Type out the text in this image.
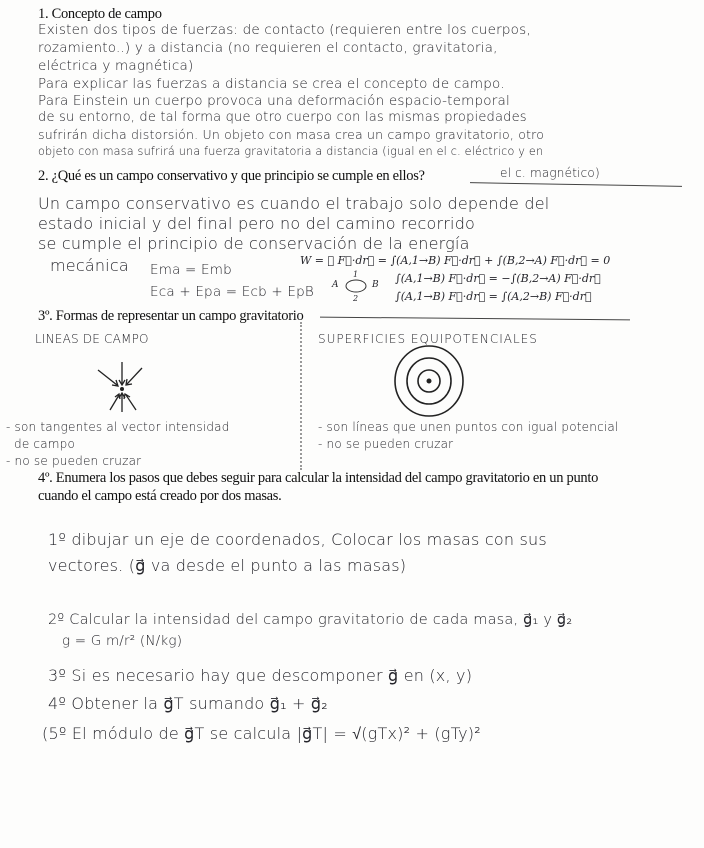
1. Concepto de campo
Existen dos tipos de fuerzas: de contacto (requieren entre los cuerpos,
rozamiento..) y a distancia (no requieren el contacto, gravitatoria,
eléctrica y magnética)
Para explicar las fuerzas a distancia se crea el concepto de campo.
Para Einstein un cuerpo provoca una deformación espacio-temporal
de su entorno, de tal forma que otro cuerpo con las mismas propiedades
sufrirán dicha distorsión. Un objeto con masa crea un campo gravitatorio, otro
objeto con masa sufrirá una fuerza gravitatoria a distancia (igual en el c. eléctrico y en
2. ¿Qué es un campo conservativo y que principio se cumple en ellos?	el c. magnético)
Un campo conservativo es cuando el trabajo solo depende del
estado inicial y del final pero no del camino recorrido
se cumple el principio de conservación de la energía
mecánica Ema = Emb
Eca + Epa = Ecb + EpB
W = ∮ F⃗·dr⃗ = ∫(A,1→B) F⃗·dr⃗ + ∫(B,2→A) F⃗·dr⃗ = 0
A	B
1
2
∫(A,1→B) F⃗·dr⃗ = −∫(B,2→A) F⃗·dr⃗
∫(A,1→B) F⃗·dr⃗ = ∫(A,2→B) F⃗·dr⃗
3º. Formas de representar un campo gravitatorio
LINEAS DE CAMPO	SUPERFICIES EQUIPOTENCIALES
- son tangentes al vector intensidad
de campo
- no se pueden cruzar
- son líneas que unen puntos con igual potencial
- no se pueden cruzar
4º. Enumera los pasos que debes seguir para calcular la intensidad del campo gravitatorio en un punto
cuando el campo está creado por dos masas.
1º dibujar un eje de coordenados, Colocar los masas con sus
vectores. (g⃗ va desde el punto a las masas)
2º Calcular la intensidad del campo gravitatorio de cada masa, g⃗₁ y g⃗₂
g = G m/r² (N/kg)
3º Si es necesario hay que descomponer g⃗ en (x, y)
4º Obtener la g⃗T sumando g⃗₁ + g⃗₂
(5º El módulo de g⃗T se calcula |g⃗T| = √(gTx)² + (gTy)²
